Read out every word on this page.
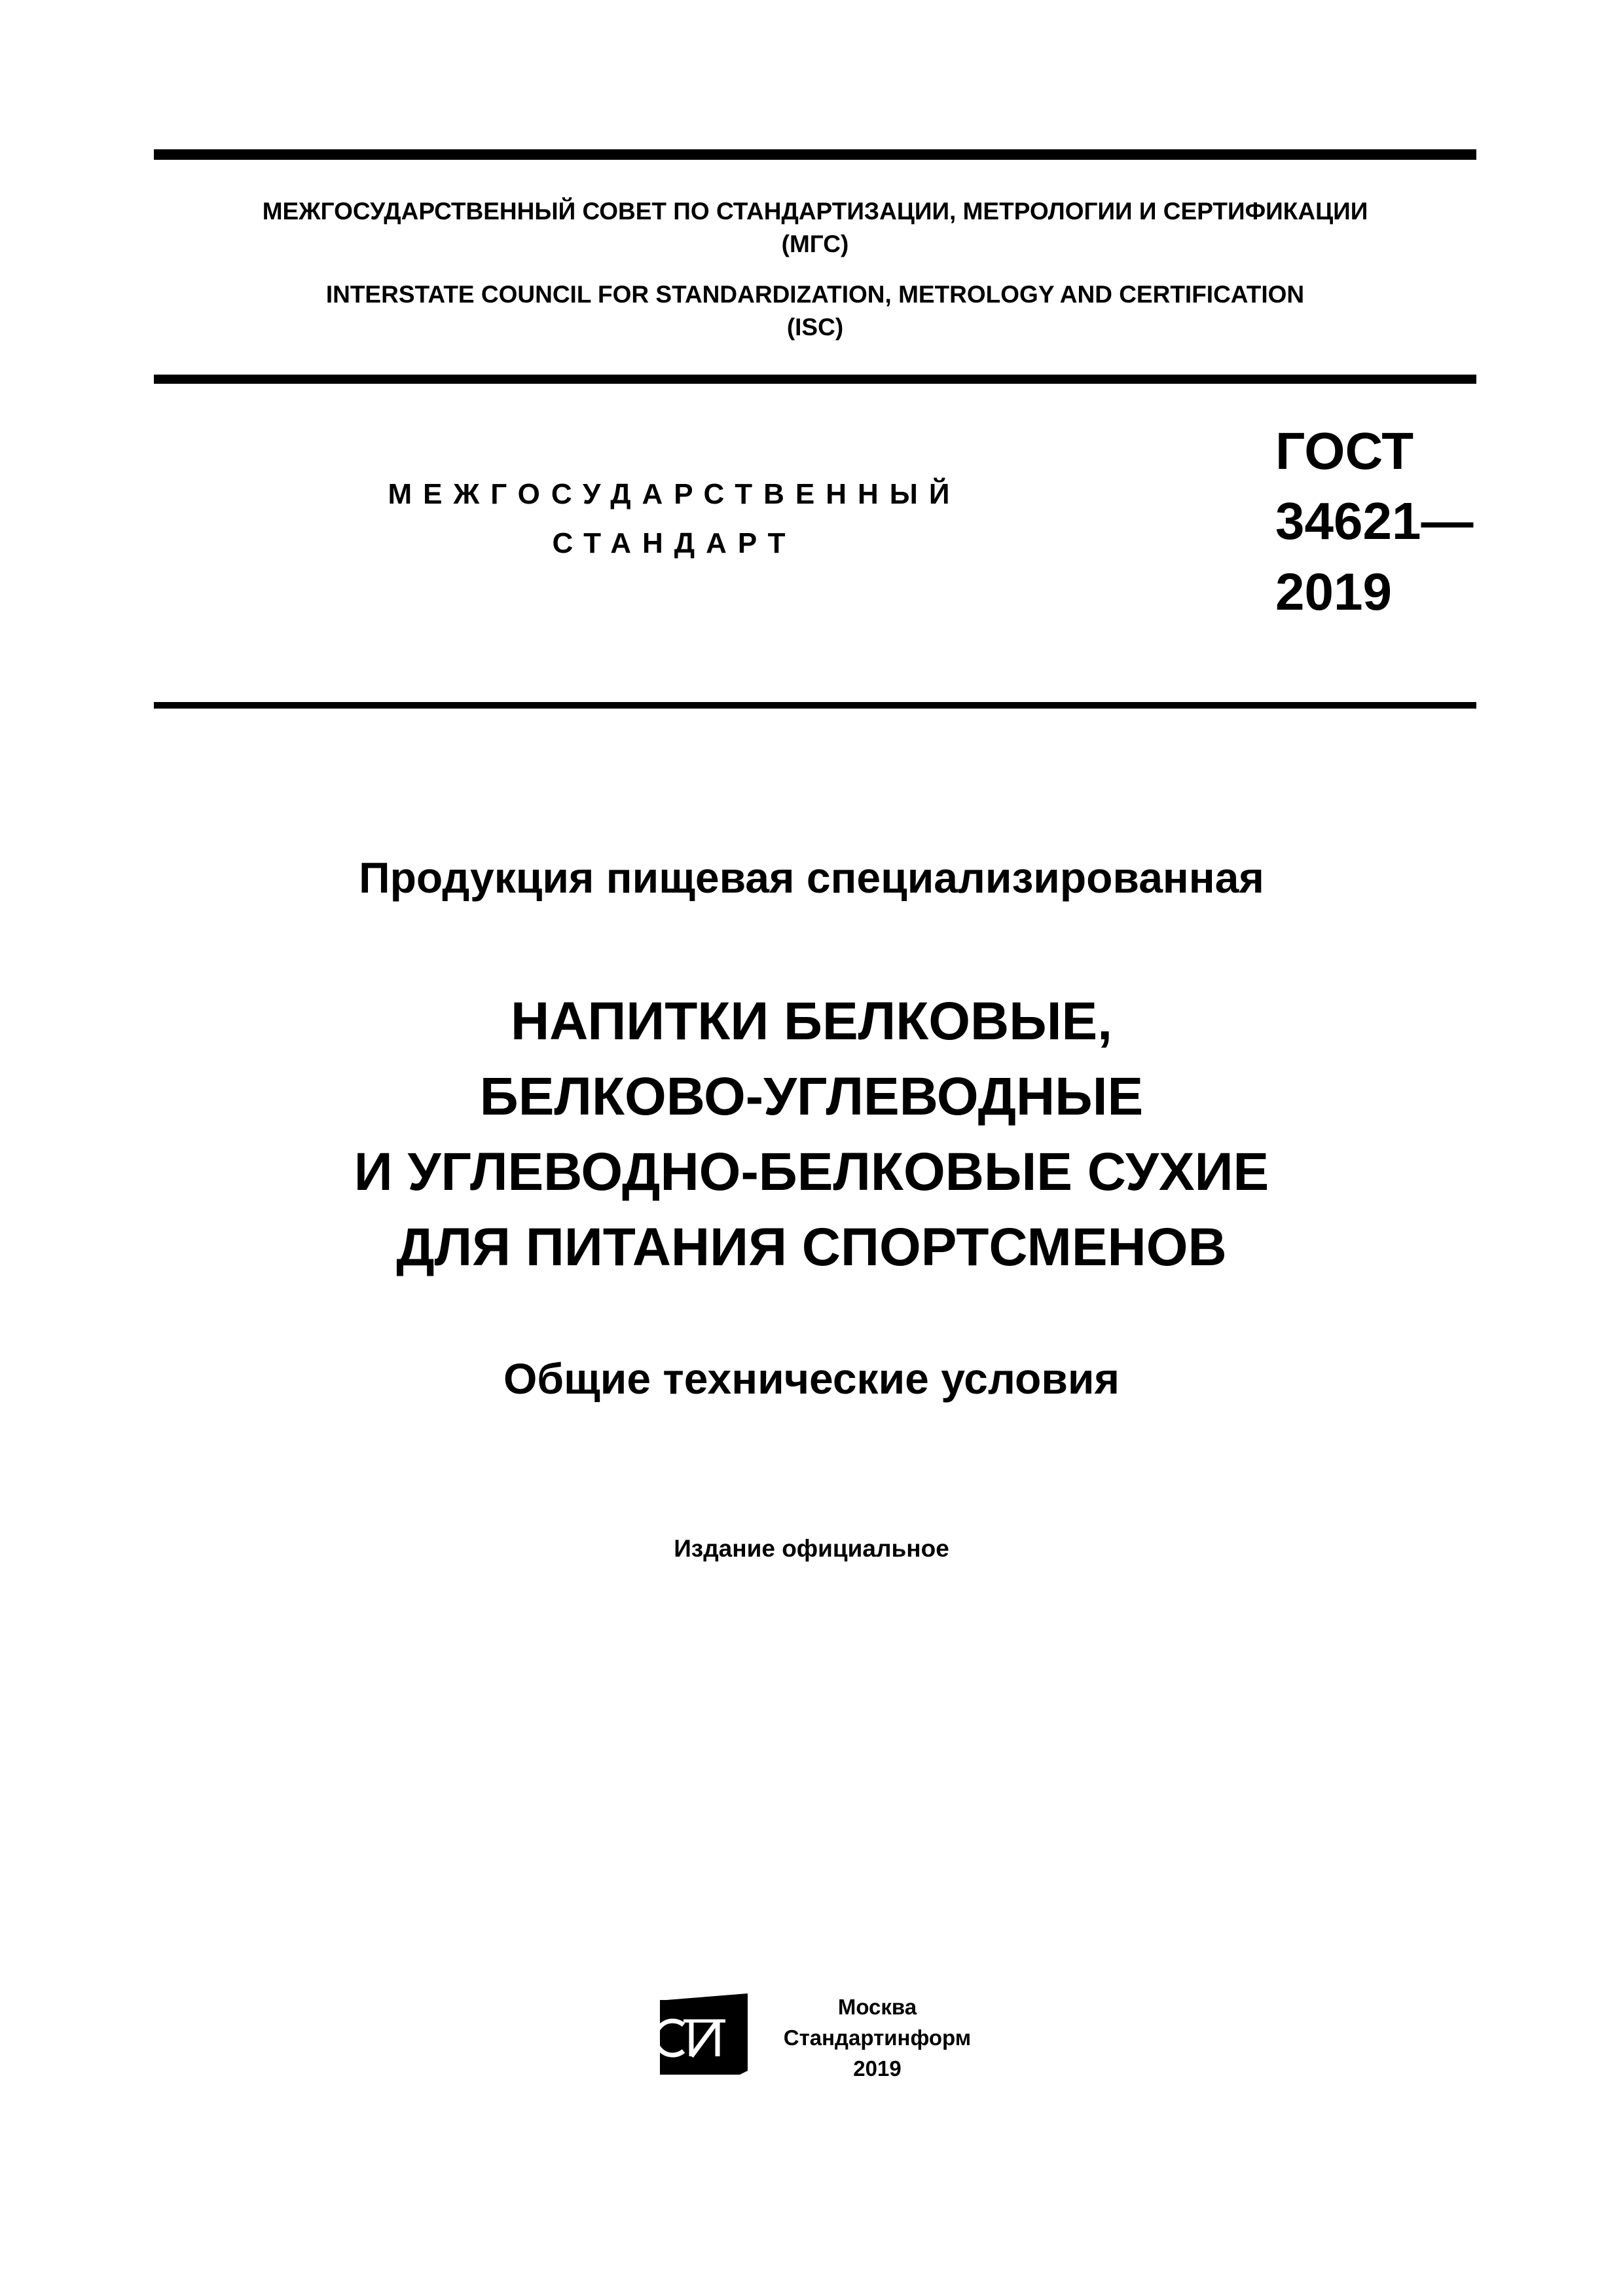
МЕЖГОСУДАРСТВЕННЫЙ СОВЕТ ПО СТАНДАРТИЗАЦИИ, МЕТРОЛОГИИ И СЕРТИФИКАЦИИ
(МГС)
INTERSTATE COUNCIL FOR STANDARDIZATION, METROLOGY AND CERTIFICATION
(ISC)
МЕЖГОСУДАРСТВЕННЫЙ
СТАНДАРТ
ГОСТ
34621—
2019
Продукция пищевая специализированная
НАПИТКИ БЕЛКОВЫЕ,
БЕЛКОВО-УГЛЕВОДНЫЕ
И УГЛЕВОДНО-БЕЛКОВЫЕ СУХИЕ
ДЛЯ ПИТАНИЯ СПОРТСМЕНОВ
Общие технические условия
Издание официальное
Москва
Стандартинформ
2019
